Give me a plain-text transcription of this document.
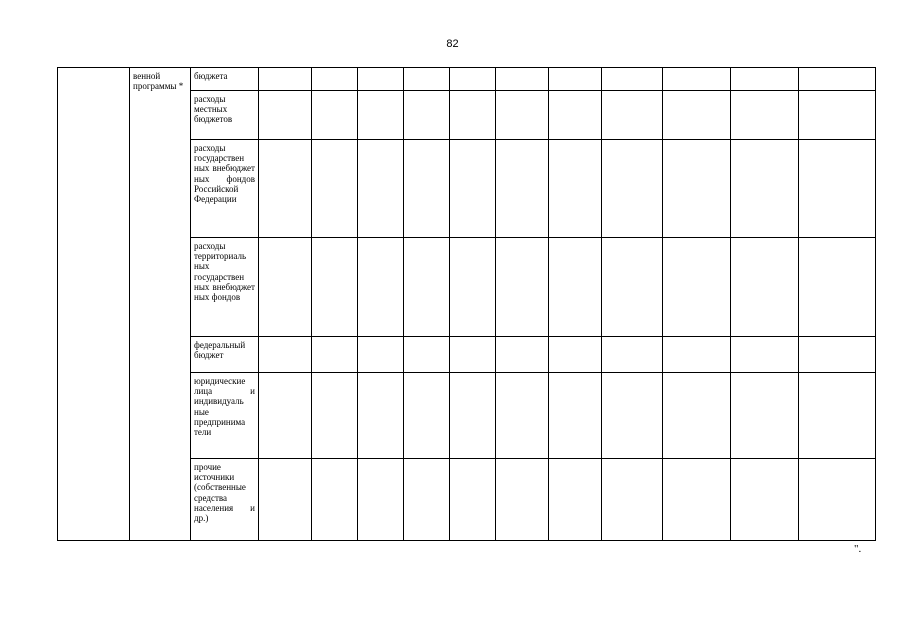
82
	венной программы *	бюджета											
		расходы местных бюджетов											
		расходы государствен ных внебюджет ных фондов Российской Федерации											
		расходы территориаль ных государствен ных внебюджет ных фондов											
		федеральный бюджет											
		юридические лица и индивидуаль ные предпринима тели											
		прочие источники (собственные средства населения и др.)											
".
